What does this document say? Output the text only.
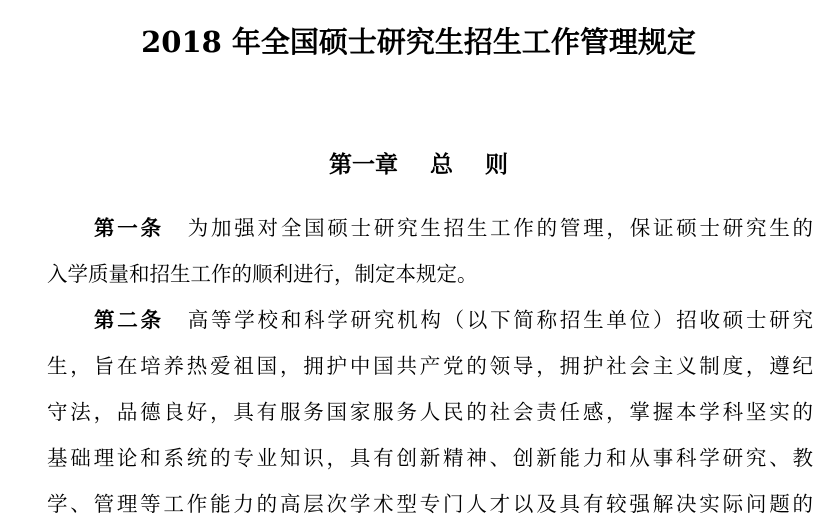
2018 年全国硕士研究生招生工作管理规定
第一章    总    则
第一条 为加强对全国硕士研究生招生工作的管理，保证硕士研究生的
入学质量和招生工作的顺利进行，制定本规定。
第二条 高等学校和科学研究机构（以下简称招生单位）招收硕士研究
生，旨在培养热爱祖国，拥护中国共产党的领导，拥护社会主义制度，遵纪
守法，品德良好，具有服务国家服务人民的社会责任感，掌握本学科坚实的
基础理论和系统的专业知识，具有创新精神、创新能力和从事科学研究、教
学、管理等工作能力的高层次学术型专门人才以及具有较强解决实际问题的
